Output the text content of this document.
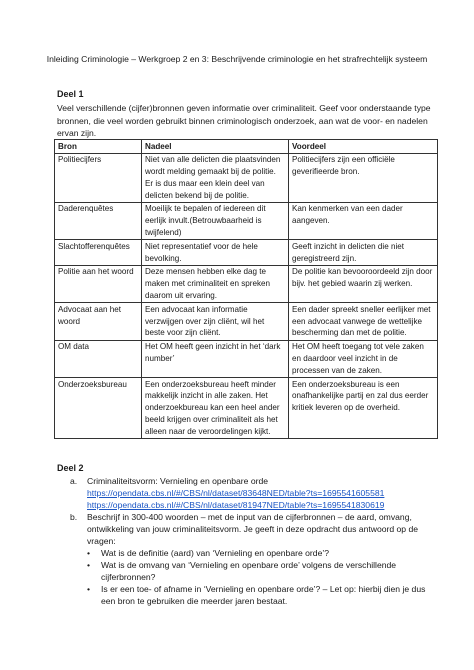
Inleiding Criminologie – Werkgroep 2 en 3: Beschrijvende criminologie en het strafrechtelijk systeem
Deel 1
Veel verschillende (cijfer)bronnen geven informatie over criminaliteit. Geef voor onderstaande type bronnen, die veel worden gebruikt binnen criminologisch onderzoek, aan wat de voor- en nadelen ervan zijn.
Bron	Nadeel	Voordeel
Politiecijfers	Niet van alle delicten die plaatsvinden wordt melding gemaakt bij de politie. Er is dus maar een klein deel van delicten bekend bij de politie.	Politiecijfers zijn een officiële geverifieerde bron.
Daderenquêtes	Moeilijk te bepalen of iedereen dit eerlijk invult.(Betrouwbaarheid is twijfelend)	Kan kenmerken van een dader aangeven.
Slachtofferenquêtes	Niet representatief voor de hele bevolking.	Geeft inzicht in delicten die niet geregistreerd zijn.
Politie aan het woord	Deze mensen hebben elke dag te maken met criminaliteit en spreken daarom uit ervaring.	De politie kan bevooroordeeld zijn door bijv. het gebied waarin zij werken.
Advocaat aan het woord	Een advocaat kan informatie verzwijgen over zijn cliënt, wil het beste voor zijn cliënt.	Een dader spreekt sneller eerlijker met een advocaat vanwege de wettelijke bescherming dan met de politie.
OM data	Het OM heeft geen inzicht in het ‘dark number’	Het OM heeft toegang tot vele zaken en daardoor veel inzicht in de processen van de zaken.
Onderzoeksbureau	Een onderzoeksbureau heeft minder makkelijk inzicht in alle zaken. Het onderzoekbureau kan een heel ander beeld krijgen over criminaliteit als het alleen naar de veroordelingen kijkt.	Een onderzoeksbureau is een onafhankelijke partij en zal dus eerder kritiek leveren op de overheid.
Deel 2
a.	Criminaliteitsvorm: Vernieling en openbare orde
https://opendata.cbs.nl/#/CBS/nl/dataset/83648NED/table?ts=1695541605581
https://opendata.cbs.nl/#/CBS/nl/dataset/81947NED/table?ts=1695541830619
b.	Beschrijf in 300-400 woorden – met de input van de cijferbronnen – de aard, omvang, ontwikkeling van jouw criminaliteitsvorm. Je geeft in deze opdracht dus antwoord op de vragen:
•	Wat is de definitie (aard) van ‘Vernieling en openbare orde’?
•	Wat is de omvang van ‘Vernieling en openbare orde’ volgens de verschillende cijferbronnen?
•	Is er een toe- of afname in ‘Vernieling en openbare orde’? – Let op: hierbij dien je dus een bron te gebruiken die meerder jaren bestaat.
